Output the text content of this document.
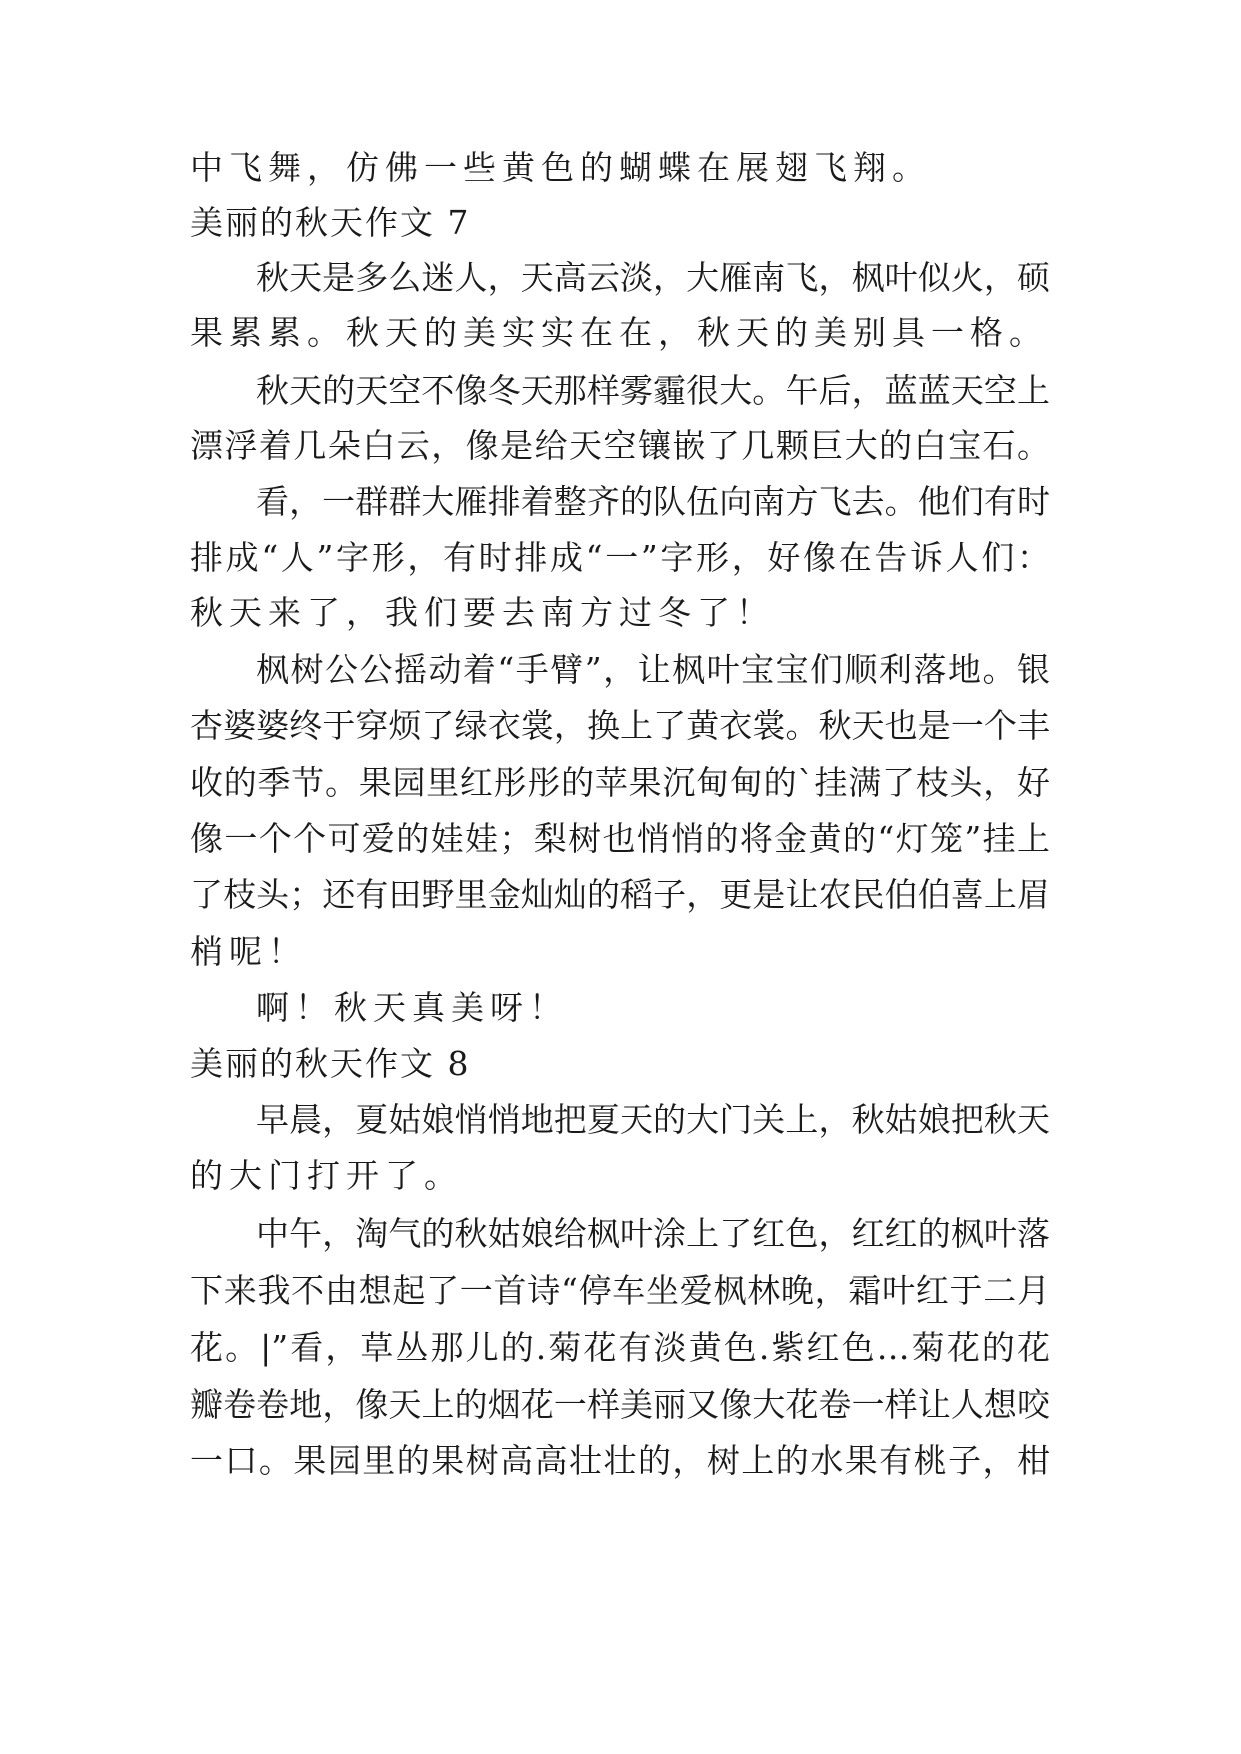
中飞舞，仿佛一些黄色的蝴蝶在展翅飞翔。
美丽的秋天作文 7
秋天是多么迷人，天高云淡，大雁南飞，枫叶似火，硕
果累累。秋天的美实实在在，秋天的美别具一格。
秋天的天空不像冬天那样雾霾很大。午后，蓝蓝天空上
漂浮着几朵白云，像是给天空镶嵌了几颗巨大的白宝石。
看，一群群大雁排着整齐的队伍向南方飞去。他们有时
排成“人”字形，有时排成“一”字形，好像在告诉人们：
秋天来了，我们要去南方过冬了！
枫树公公摇动着“手臂”，让枫叶宝宝们顺利落地。银
杏婆婆终于穿烦了绿衣裳，换上了黄衣裳。秋天也是一个丰
收的季节。果园里红彤彤的苹果沉甸甸的`挂满了枝头，好
像一个个可爱的娃娃；梨树也悄悄的将金黄的“灯笼”挂上
了枝头；还有田野里金灿灿的稻子，更是让农民伯伯喜上眉
梢呢！
啊！秋天真美呀！
美丽的秋天作文 8
早晨，夏姑娘悄悄地把夏天的大门关上，秋姑娘把秋天
的大门打开了。
中午，淘气的秋姑娘给枫叶涂上了红色，红红的枫叶落
下来我不由想起了一首诗“停车坐爱枫林晚，霜叶红于二月
花。|”看，草丛那儿的.菊花有淡黄色.紫红色…菊花的花
瓣卷卷地，像天上的烟花一样美丽又像大花卷一样让人想咬
一口。果园里的果树高高壮壮的，树上的水果有桃子，柑
